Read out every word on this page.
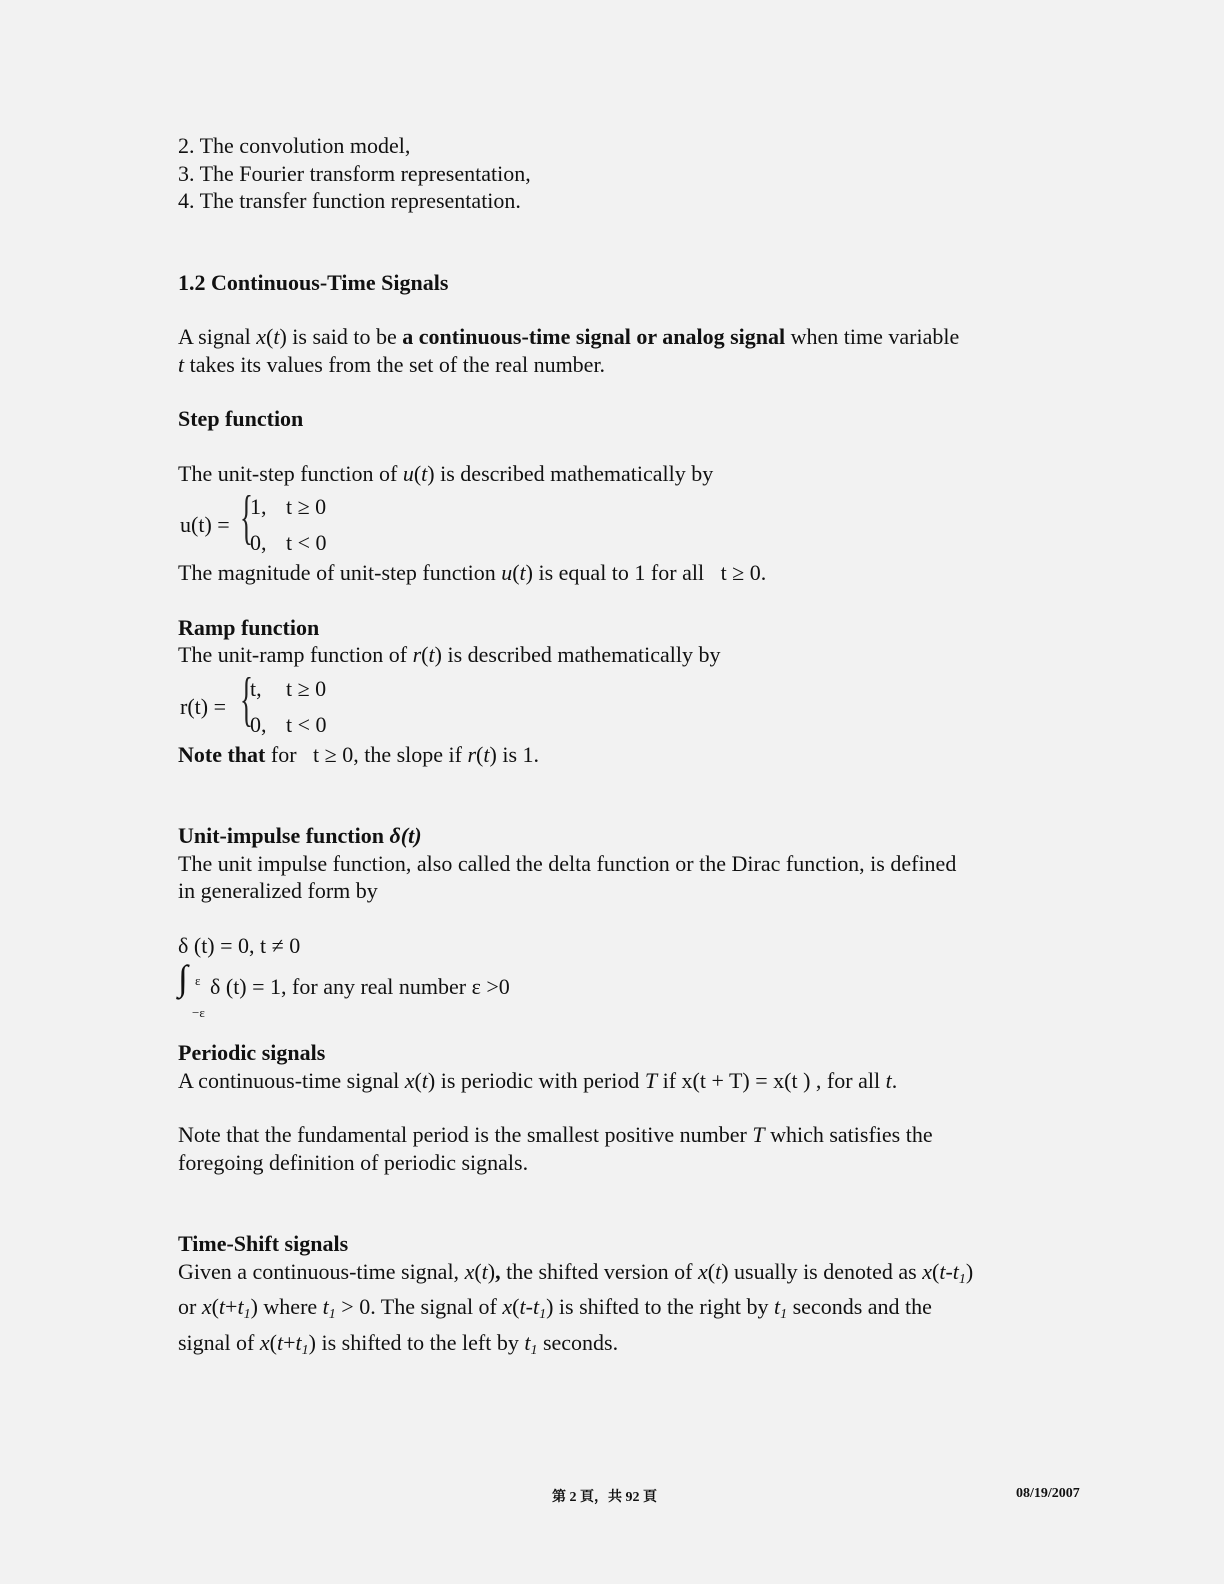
2. The convolution model,
3. The Fourier transform representation,
4. The transfer function representation.
1.2 Continuous-Time Signals
A signal x(t) is said to be a continuous-time signal or analog signal when time variable
t takes its values from the set of the real number.
Step function
The unit-step function of u(t) is described mathematically by
u(t) = {
1, t ≥ 0
0, t < 0
The magnitude of unit-step function u(t) is equal to 1 for all t ≥ 0.
Ramp function
The unit-ramp function of r(t) is described mathematically by
r(t) = {
t, t ≥ 0
0, t < 0
Note that for t ≥ 0, the slope if r(t) is 1.
Unit-impulse function δ(t)
The unit impulse function, also called the delta function or the Dirac function, is defined
in generalized form by
δ (t) = 0, t ≠ 0
∫ ε
−ε
δ (t) = 1, for any real number ε >0
Periodic signals
A continuous-time signal x(t) is periodic with period T if x(t + T) = x(t ) , for all t.
Note that the fundamental period is the smallest positive number T which satisfies the
foregoing definition of periodic signals.
Time-Shift signals
Given a continuous-time signal, x(t), the shifted version of x(t) usually is denoted as $x(t-t_1)$
or $x(t+t_1)$ where $t_1 > 0$. The signal of $x(t-t_1)$ is shifted to the right by $t_1$ seconds and the
signal of $x(t+t_1)$ is shifted to the left by $t_1$ seconds.
第 2 頁，共 92 頁	08/19/2007
